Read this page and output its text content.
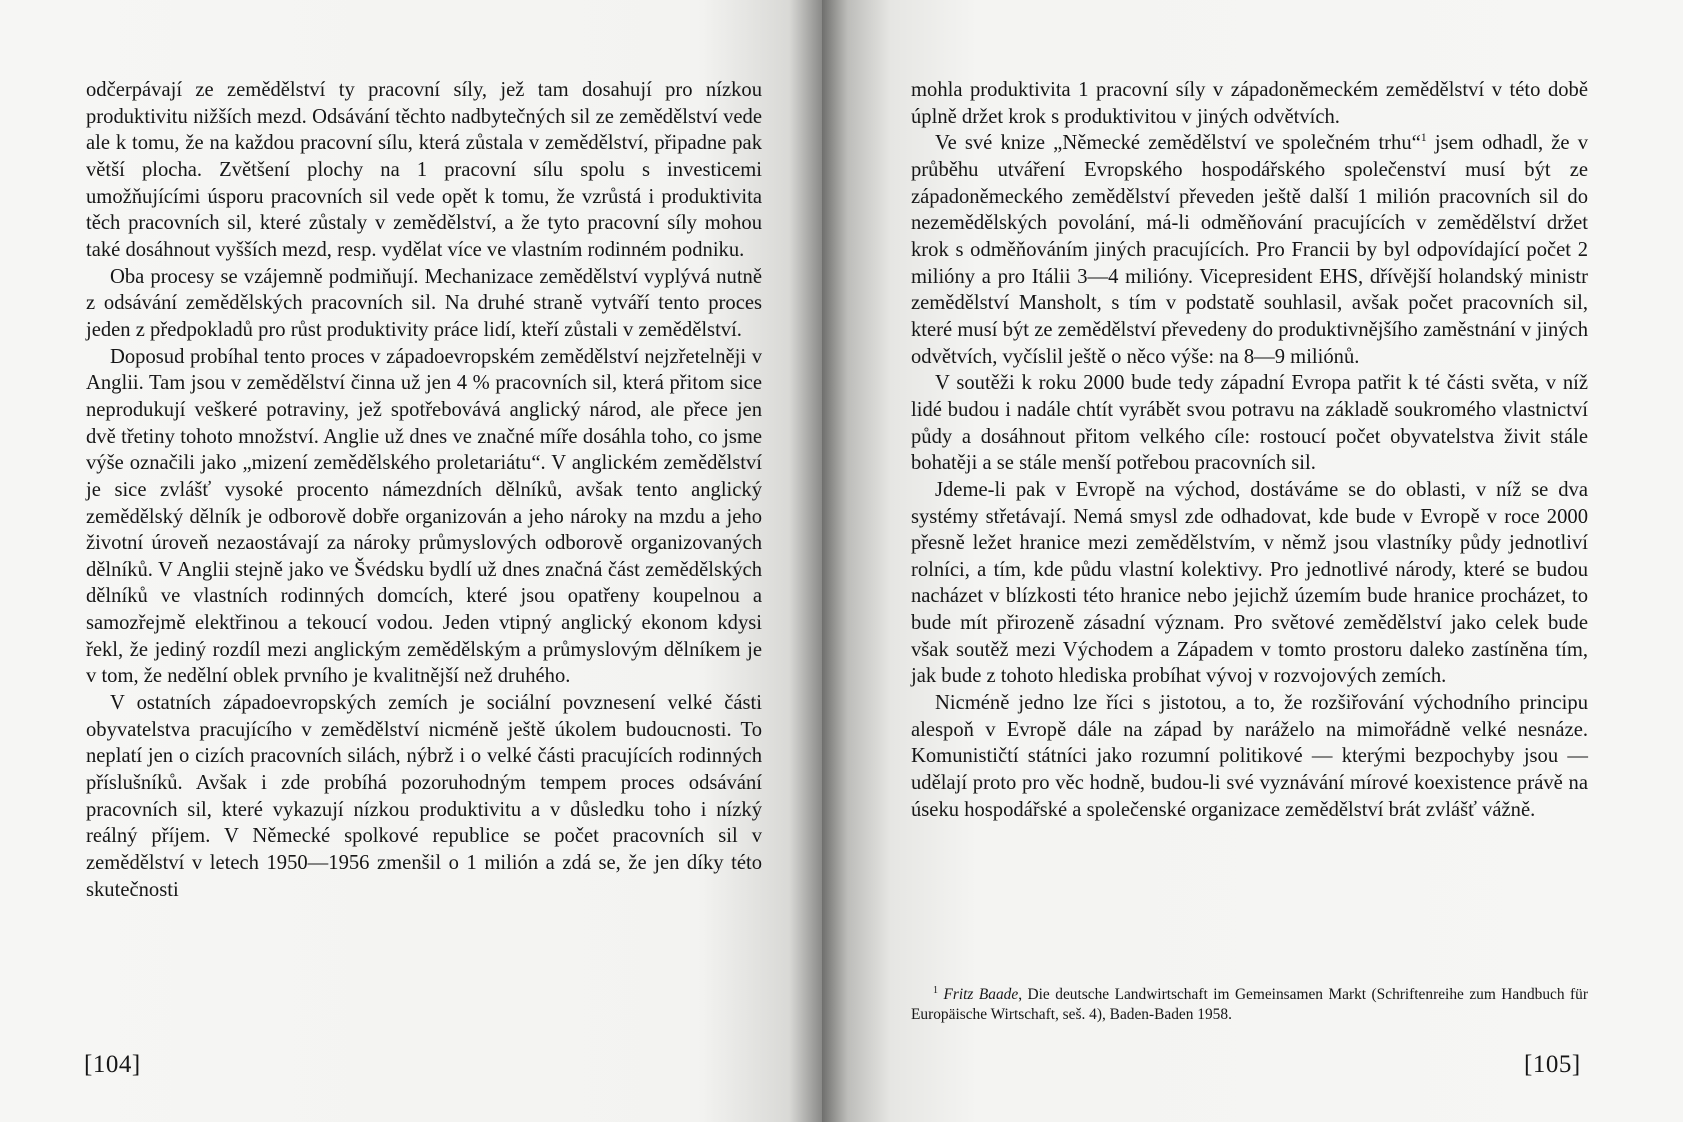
odčerpávají ze zemědělství ty pracovní síly, jež tam dosahují pro nízkou produktivitu nižších mezd. Odsávání těchto nadbytečných sil ze zemědělství vede ale k tomu, že na každou pracovní sílu, která zůstala v zemědělství, připadne pak větší plocha. Zvětšení plochy na 1 pracovní sílu spolu s investicemi umožňujícími úsporu pracovních sil vede opět k tomu, že vzrůstá i produktivita těch pracovních sil, které zůstaly v zemědělství, a že tyto pracovní síly mohou také dosáhnout vyšších mezd, resp. vydělat více ve vlastním rodinném podniku.

Oba procesy se vzájemně podmiňují. Mechanizace zemědělství vyplývá nutně z odsávání zemědělských pracovních sil. Na druhé straně vytváří tento proces jeden z předpokladů pro růst produktivity práce lidí, kteří zůstali v zemědělství.

Doposud probíhal tento proces v západoevropském zemědělství nejzřetelněji v Anglii. Tam jsou v zemědělství činna už jen 4 % pracovních sil, která přitom sice neprodukují veškeré potraviny, jež spotřebovává anglický národ, ale přece jen dvě třetiny tohoto množství. Anglie už dnes ve značné míře dosáhla toho, co jsme výše označili jako „mizení zemědělského proletariátu“. V anglickém zemědělství je sice zvlášť vysoké procento námezdních dělníků, avšak tento anglický zemědělský dělník je odborově dobře organizován a jeho nároky na mzdu a jeho životní úroveň nezaostávají za nároky průmyslových odborově organizovaných dělníků. V Anglii stejně jako ve Švédsku bydlí už dnes značná část zemědělských dělníků ve vlastních rodinných domcích, které jsou opatřeny koupelnou a samozřejmě elektřinou a tekoucí vodou. Jeden vtipný anglický ekonom kdysi řekl, že jediný rozdíl mezi anglickým zemědělským a průmyslovým dělníkem je v tom, že nedělní oblek prvního je kvalitnější než druhého.

V ostatních západoevropských zemích je sociální povznesení velké části obyvatelstva pracujícího v zemědělství nicméně ještě úkolem budoucnosti. To neplatí jen o cizích pracovních silách, nýbrž i o velké části pracujících rodinných příslušníků. Avšak i zde probíhá pozoruhodným tempem proces odsávání pracovních sil, které vykazují nízkou produktivitu a v důsledku toho i nízký reálný příjem. V Německé spolkové republice se počet pracovních sil v zemědělství v letech 1950—1956 zmenšil o 1 milión a zdá se, že jen díky této skutečnosti

[104]

mohla produktivita 1 pracovní síly v západoněmeckém zemědělství v této době úplně držet krok s produktivitou v jiných odvětvích.

Ve své knize „Německé zemědělství ve společném trhu“$^1$ jsem odhadl, že v průběhu utváření Evropského hospodářského společenství musí být ze západoněmeckého zemědělství převeden ještě další 1 milión pracovních sil do nezemědělských povolání, má-li odměňování pracujících v zemědělství držet krok s odměňováním jiných pracujících. Pro Francii by byl odpovídající počet 2 milióny a pro Itálii 3—4 milióny. Vicepresident EHS, dřívější holandský ministr zemědělství Mansholt, s tím v podstatě souhlasil, avšak počet pracovních sil, které musí být ze zemědělství převedeny do produktivnějšího zaměstnání v jiných odvětvích, vyčíslil ještě o něco výše: na 8—9 miliónů.

V soutěži k roku 2000 bude tedy západní Evropa patřit k té části světa, v níž lidé budou i nadále chtít vyrábět svou potravu na základě soukromého vlastnictví půdy a dosáhnout přitom velkého cíle: rostoucí počet obyvatelstva živit stále bohatěji a se stále menší potřebou pracovních sil.

Jdeme-li pak v Evropě na východ, dostáváme se do oblasti, v níž se dva systémy střetávají. Nemá smysl zde odhadovat, kde bude v Evropě v roce 2000 přesně ležet hranice mezi zemědělstvím, v němž jsou vlastníky půdy jednotliví rolníci, a tím, kde půdu vlastní kolektivy. Pro jednotlivé národy, které se budou nacházet v blízkosti této hranice nebo jejichž územím bude hranice procházet, to bude mít přirozeně zásadní význam. Pro světové zemědělství jako celek bude však soutěž mezi Východem a Západem v tomto prostoru daleko zastíněna tím, jak bude z tohoto hlediska probíhat vývoj v rozvojových zemích.

Nicméně jedno lze říci s jistotou, a to, že rozšiřování východního principu alespoň v Evropě dále na západ by naráželo na mimořádně velké nesnáze. Komunističtí státníci jako rozumní politikové — kterými bezpochyby jsou — udělají proto pro věc hodně, budou-li své vyznávání mírové koexistence právě na úseku hospodářské a společenské organizace zemědělství brát zvlášť vážně.

$^1$ Fritz Baade, Die deutsche Landwirtschaft im Gemeinsamen Markt (Schriftenreihe zum Handbuch für Europäische Wirtschaft, seš. 4), Baden-Baden 1958.
[105]
